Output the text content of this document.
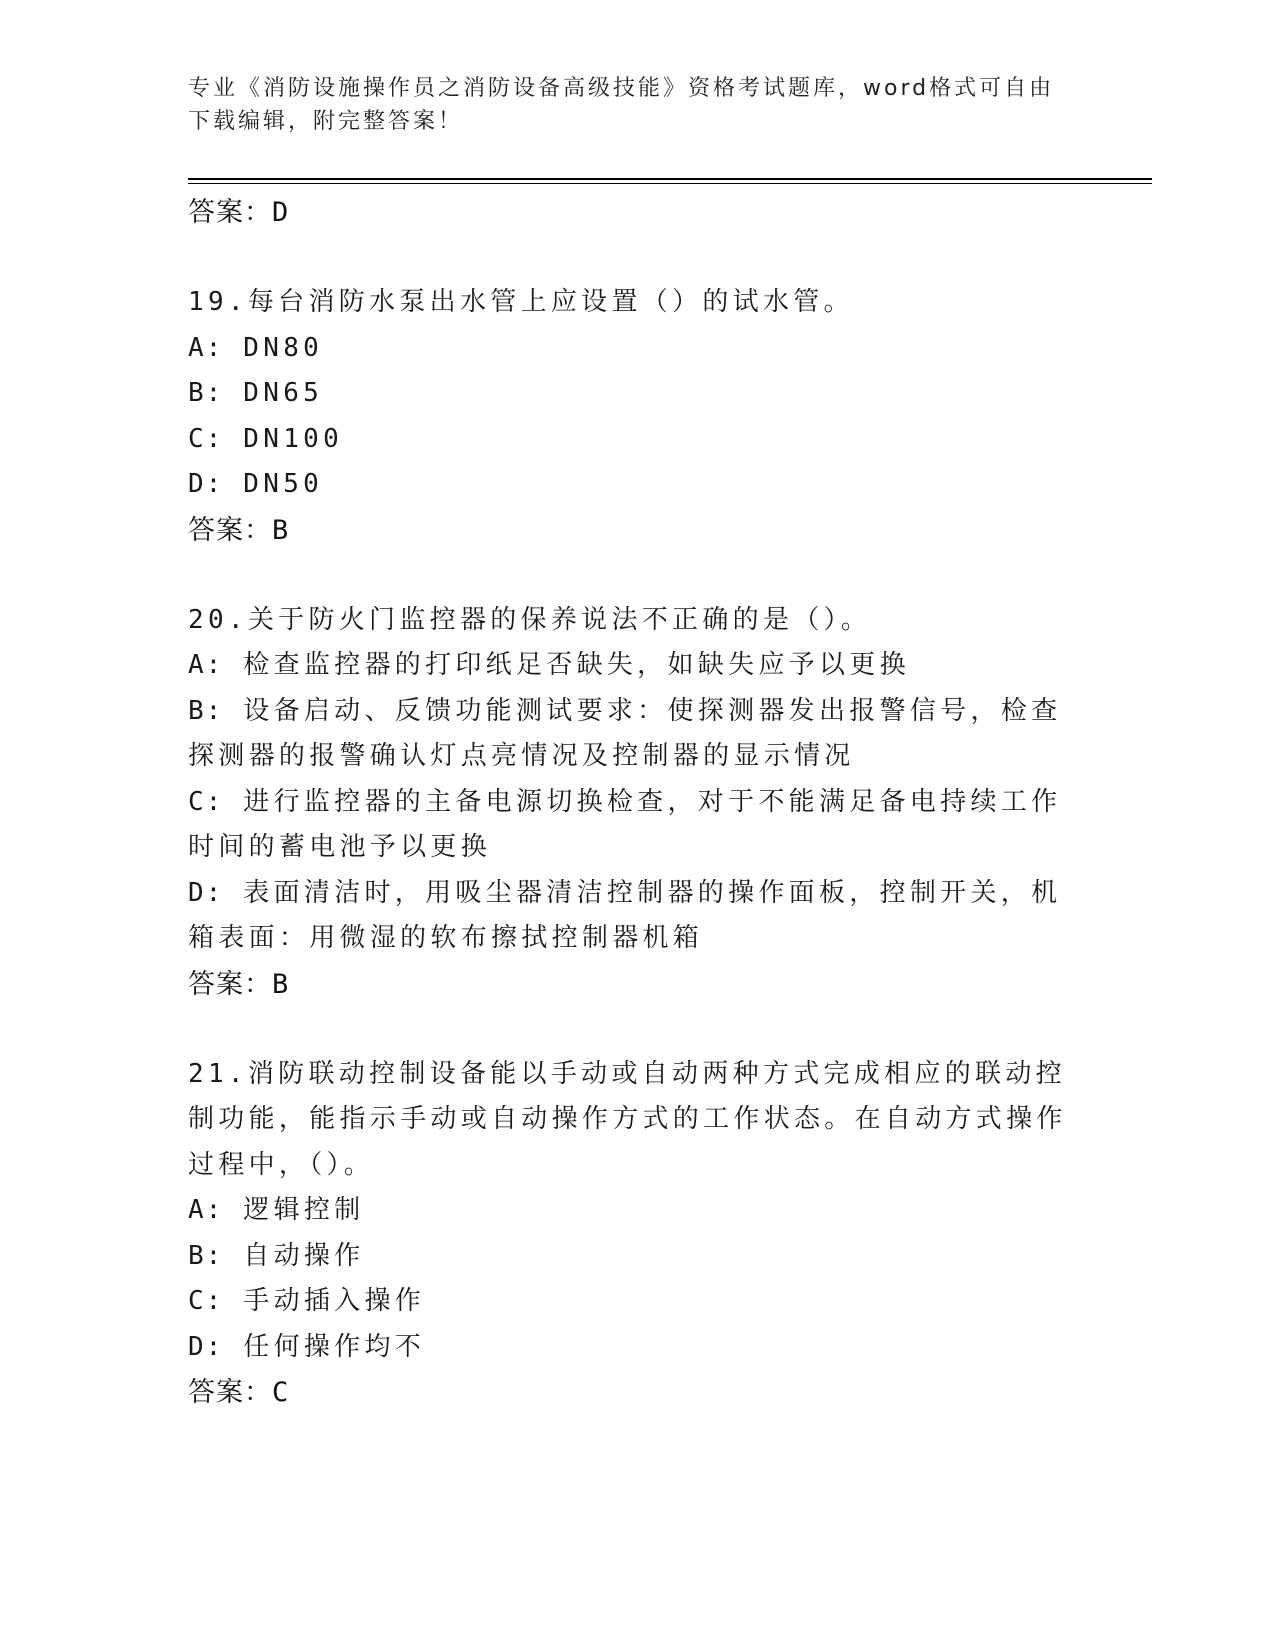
专业《消防设施操作员之消防设备高级技能》资格考试题库，word格式可自由下载编辑，附完整答案！

答案：D

19.每台消防水泵出水管上应设置（）的试水管。

A: DN80

B: DN65

C: DN100

D: DN50

答案：B

20.关于防火门监控器的保养说法不正确的是（）。

A: 检查监控器的打印纸足否缺失，如缺失应予以更换

B: 设备启动、反馈功能测试要求：使探测器发出报警信号，检查探测器的报警确认灯点亮情况及控制器的显示情况

C: 进行监控器的主备电源切换检查，对于不能满足备电持续工作时间的蓄电池予以更换

D: 表面清洁时，用吸尘器清洁控制器的操作面板，控制开关，机箱表面：用微湿的软布擦拭控制器机箱

答案：B

21.消防联动控制设备能以手动或自动两种方式完成相应的联动控制功能，能指示手动或自动操作方式的工作状态。在自动方式操作过程中，（）。

A: 逻辑控制

B: 自动操作

C: 手动插入操作

D: 任何操作均不

答案：C
